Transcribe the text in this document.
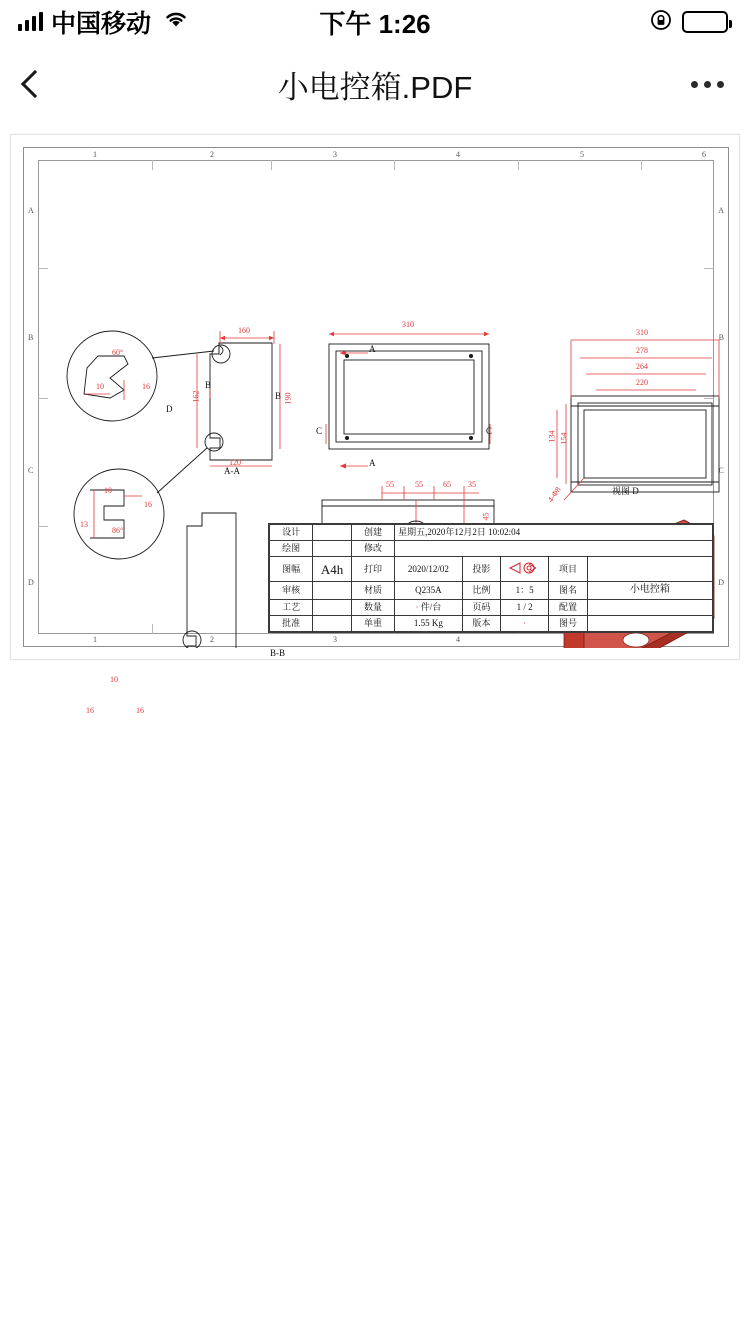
中国移动	下午 1:26
小电控箱.PDF
1	2	3	4	5	6
1	2	3	4
A
B
C
D
A
B
C
D
A-A
B-B
视图 D
A
A
C	C
B
B
D
160
310
310
278
264
220
190
162
120
154
134
4-Φ8
55	55	65 35
45
60°
10	16
10
16
13
86°
10
16	16
设计		创建	星期五,2020年12月2日 10:02:04				
绘图		修改					
图幅	A4h	打印	2020/12/02	投影		项目	
审核		材质	Q235A	比例	1：5	图名	小电控箱
工艺		数量	· 件/台	页码	1 / 2	配置	
批准		单重	1.55 Kg	版本	·	图号	
